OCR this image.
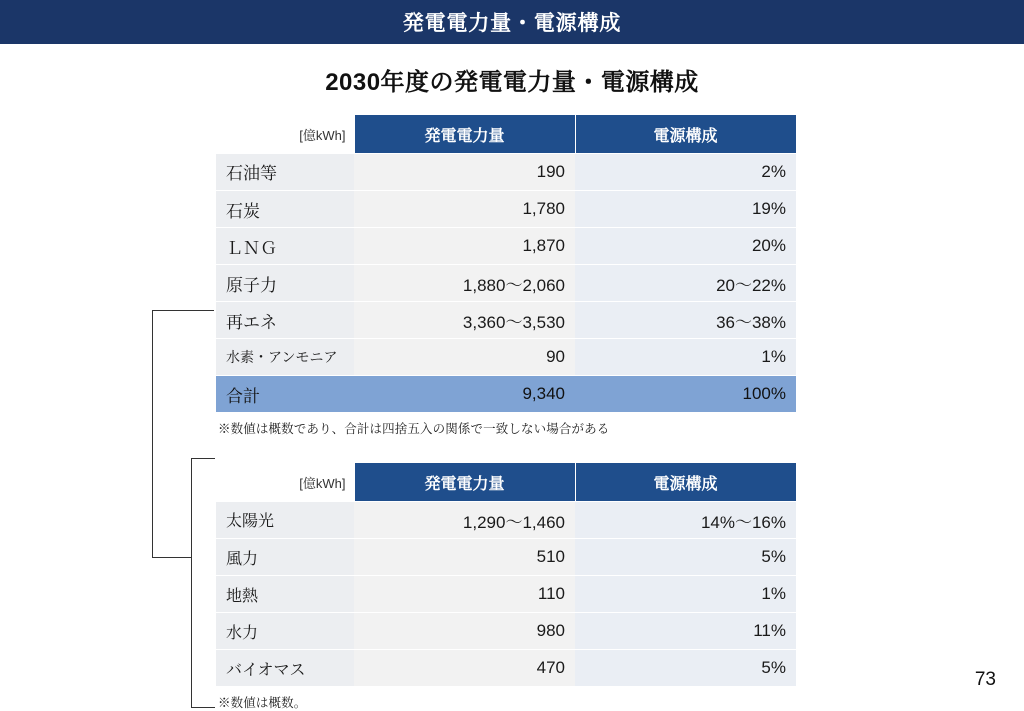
発電電力量・電源構成
2030年度の発電電力量・電源構成
[億kWh]	発電電力量	電源構成
石油等	190	2%
石炭	1,780	19%
ＬＮＧ	1,870	20%
原子力	1,880〜2,060	20〜22%
再エネ	3,360〜3,530	36〜38%
水素・アンモニア	90	1%
合計	9,340	100%
※数値は概数であり、合計は四捨五入の関係で一致しない場合がある
[億kWh]	発電電力量	電源構成
太陽光	1,290〜1,460	14%〜16%
風力	510	5%
地熱	110	1%
水力	980	11%
バイオマス	470	5%
※数値は概数。
73
